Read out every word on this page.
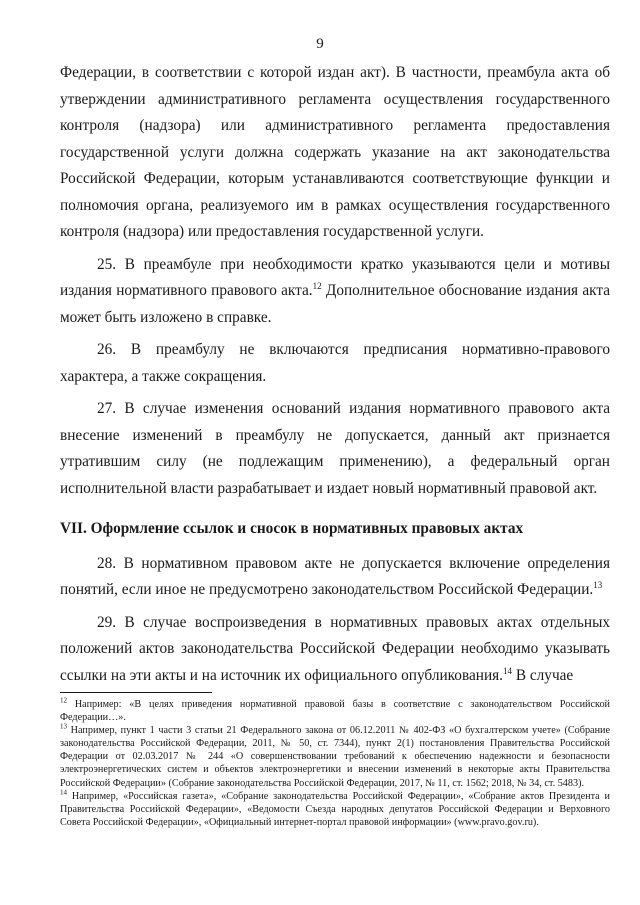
9

Федерации, в соответствии с которой издан акт). В частности, преамбула акта об утверждении административного регламента осуществления государственного контроля (надзора) или административного регламента предоставления государственной услуги должна содержать указание на акт законодательства Российской Федерации, которым устанавливаются соответствующие функции и полномочия органа, реализуемого им в рамках осуществления государственного контроля (надзора) или предоставления государственной услуги.

25. В преамбуле при необходимости кратко указываются цели и мотивы издания нормативного правового акта.$^{12}$ Дополнительное обоснование издания акта может быть изложено в справке.

26. В преамбулу не включаются предписания нормативно-правового характера, а также сокращения.

27. В случае изменения оснований издания нормативного правового акта внесение изменений в преамбулу не допускается, данный акт признается утратившим силу (не подлежащим применению), а федеральный орган исполнительной власти разрабатывает и издает новый нормативный правовой акт.

VII. Оформление ссылок и сносок в нормативных правовых актах

28. В нормативном правовом акте не допускается включение определения понятий, если иное не предусмотрено законодательством Российской Федерации.$^{13}$

29. В случае воспроизведения в нормативных правовых актах отдельных положений актов законодательства Российской Федерации необходимо указывать ссылки на эти акты и на источник их официального опубликования.$^{14}$ В случае

$^{12}$ Например: «В целях приведения нормативной правовой базы в соответствие с законодательством Российской Федерации…».

$^{13}$ Например, пункт 1 части 3 статьи 21 Федерального закона от 06.12.2011 № 402-ФЗ «О бухгалтерском учете» (Собрание законодательства Российской Федерации, 2011, № 50, ст. 7344), пункт 2(1) постановления Правительства Российской Федерации от 02.03.2017 № 244 «О совершенствовании требований к обеспечению надежности и безопасности электроэнергетических систем и объектов электроэнергетики и внесении изменений в некоторые акты Правительства Российской Федерации» (Собрание законодательства Российской Федерации, 2017, № 11, ст. 1562; 2018, № 34, ст. 5483).

$^{14}$ Например, «Российская газета», «Собрание законодательства Российской Федерации», «Собрание актов Президента и Правительства Российской Федерации», «Ведомости Съезда народных депутатов Российской Федерации и Верховного Совета Российской Федерации», «Официальный интернет-портал правовой информации» (www.pravo.gov.ru).
